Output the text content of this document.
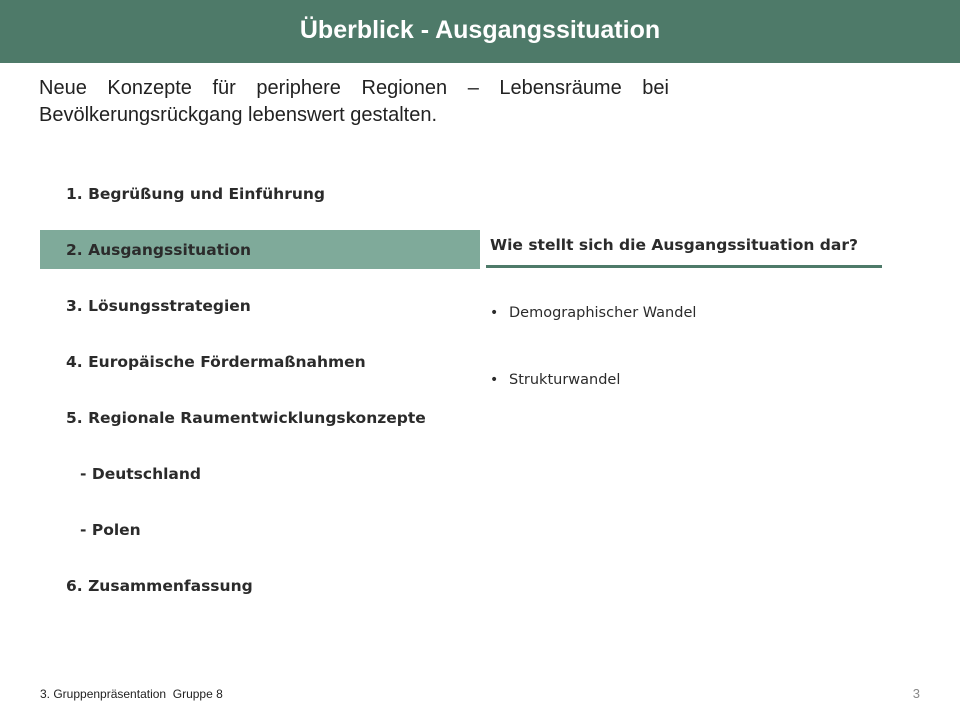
Überblick - Ausgangssituation
Neue Konzepte für periphere Regionen – Lebensräume bei Bevölkerungsrückgang lebenswert gestalten.
1. Begrüßung und Einführung
2. Ausgangssituation
3. Lösungsstrategien
4. Europäische Fördermaßnahmen
5. Regionale Raumentwicklungskonzepte
- Deutschland
- Polen
6. Zusammenfassung
Wie stellt sich die Ausgangssituation dar?
• Demographischer Wandel
• Strukturwandel
3. Gruppenpräsentation  Gruppe 8	3
